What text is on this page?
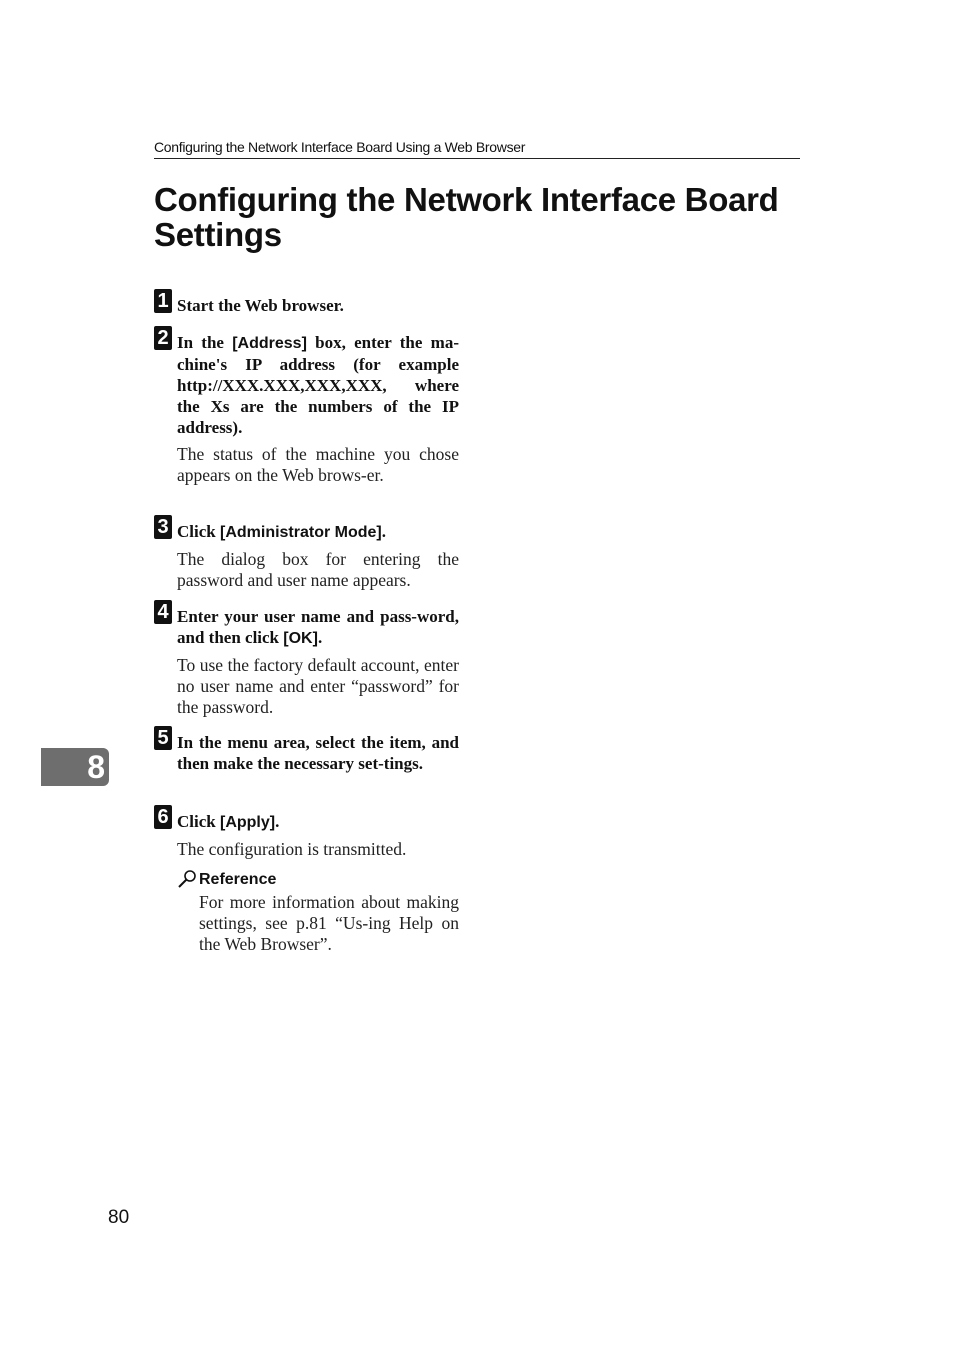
Configuring the Network Interface Board Using a Web Browser
Configuring the Network Interface Board Settings
1 Start the Web browser.
2 In the [Address] box, enter the ma-chine's IP address (for example http://XXX.XXX,XXX,XXX, where the Xs are the numbers of the IP address).
The status of the machine you chose appears on the Web brows-er.
3 Click [Administrator Mode].
The dialog box for entering the password and user name appears.
4 Enter your user name and pass-word, and then click [OK].
To use the factory default account, enter no user name and enter “password” for the password.
5 In the menu area, select the item, and then make the necessary set-tings.
6 Click [Apply].
The configuration is transmitted.
Reference
For more information about making settings, see p.81 “Us-ing Help on the Web Browser”.
8
80
